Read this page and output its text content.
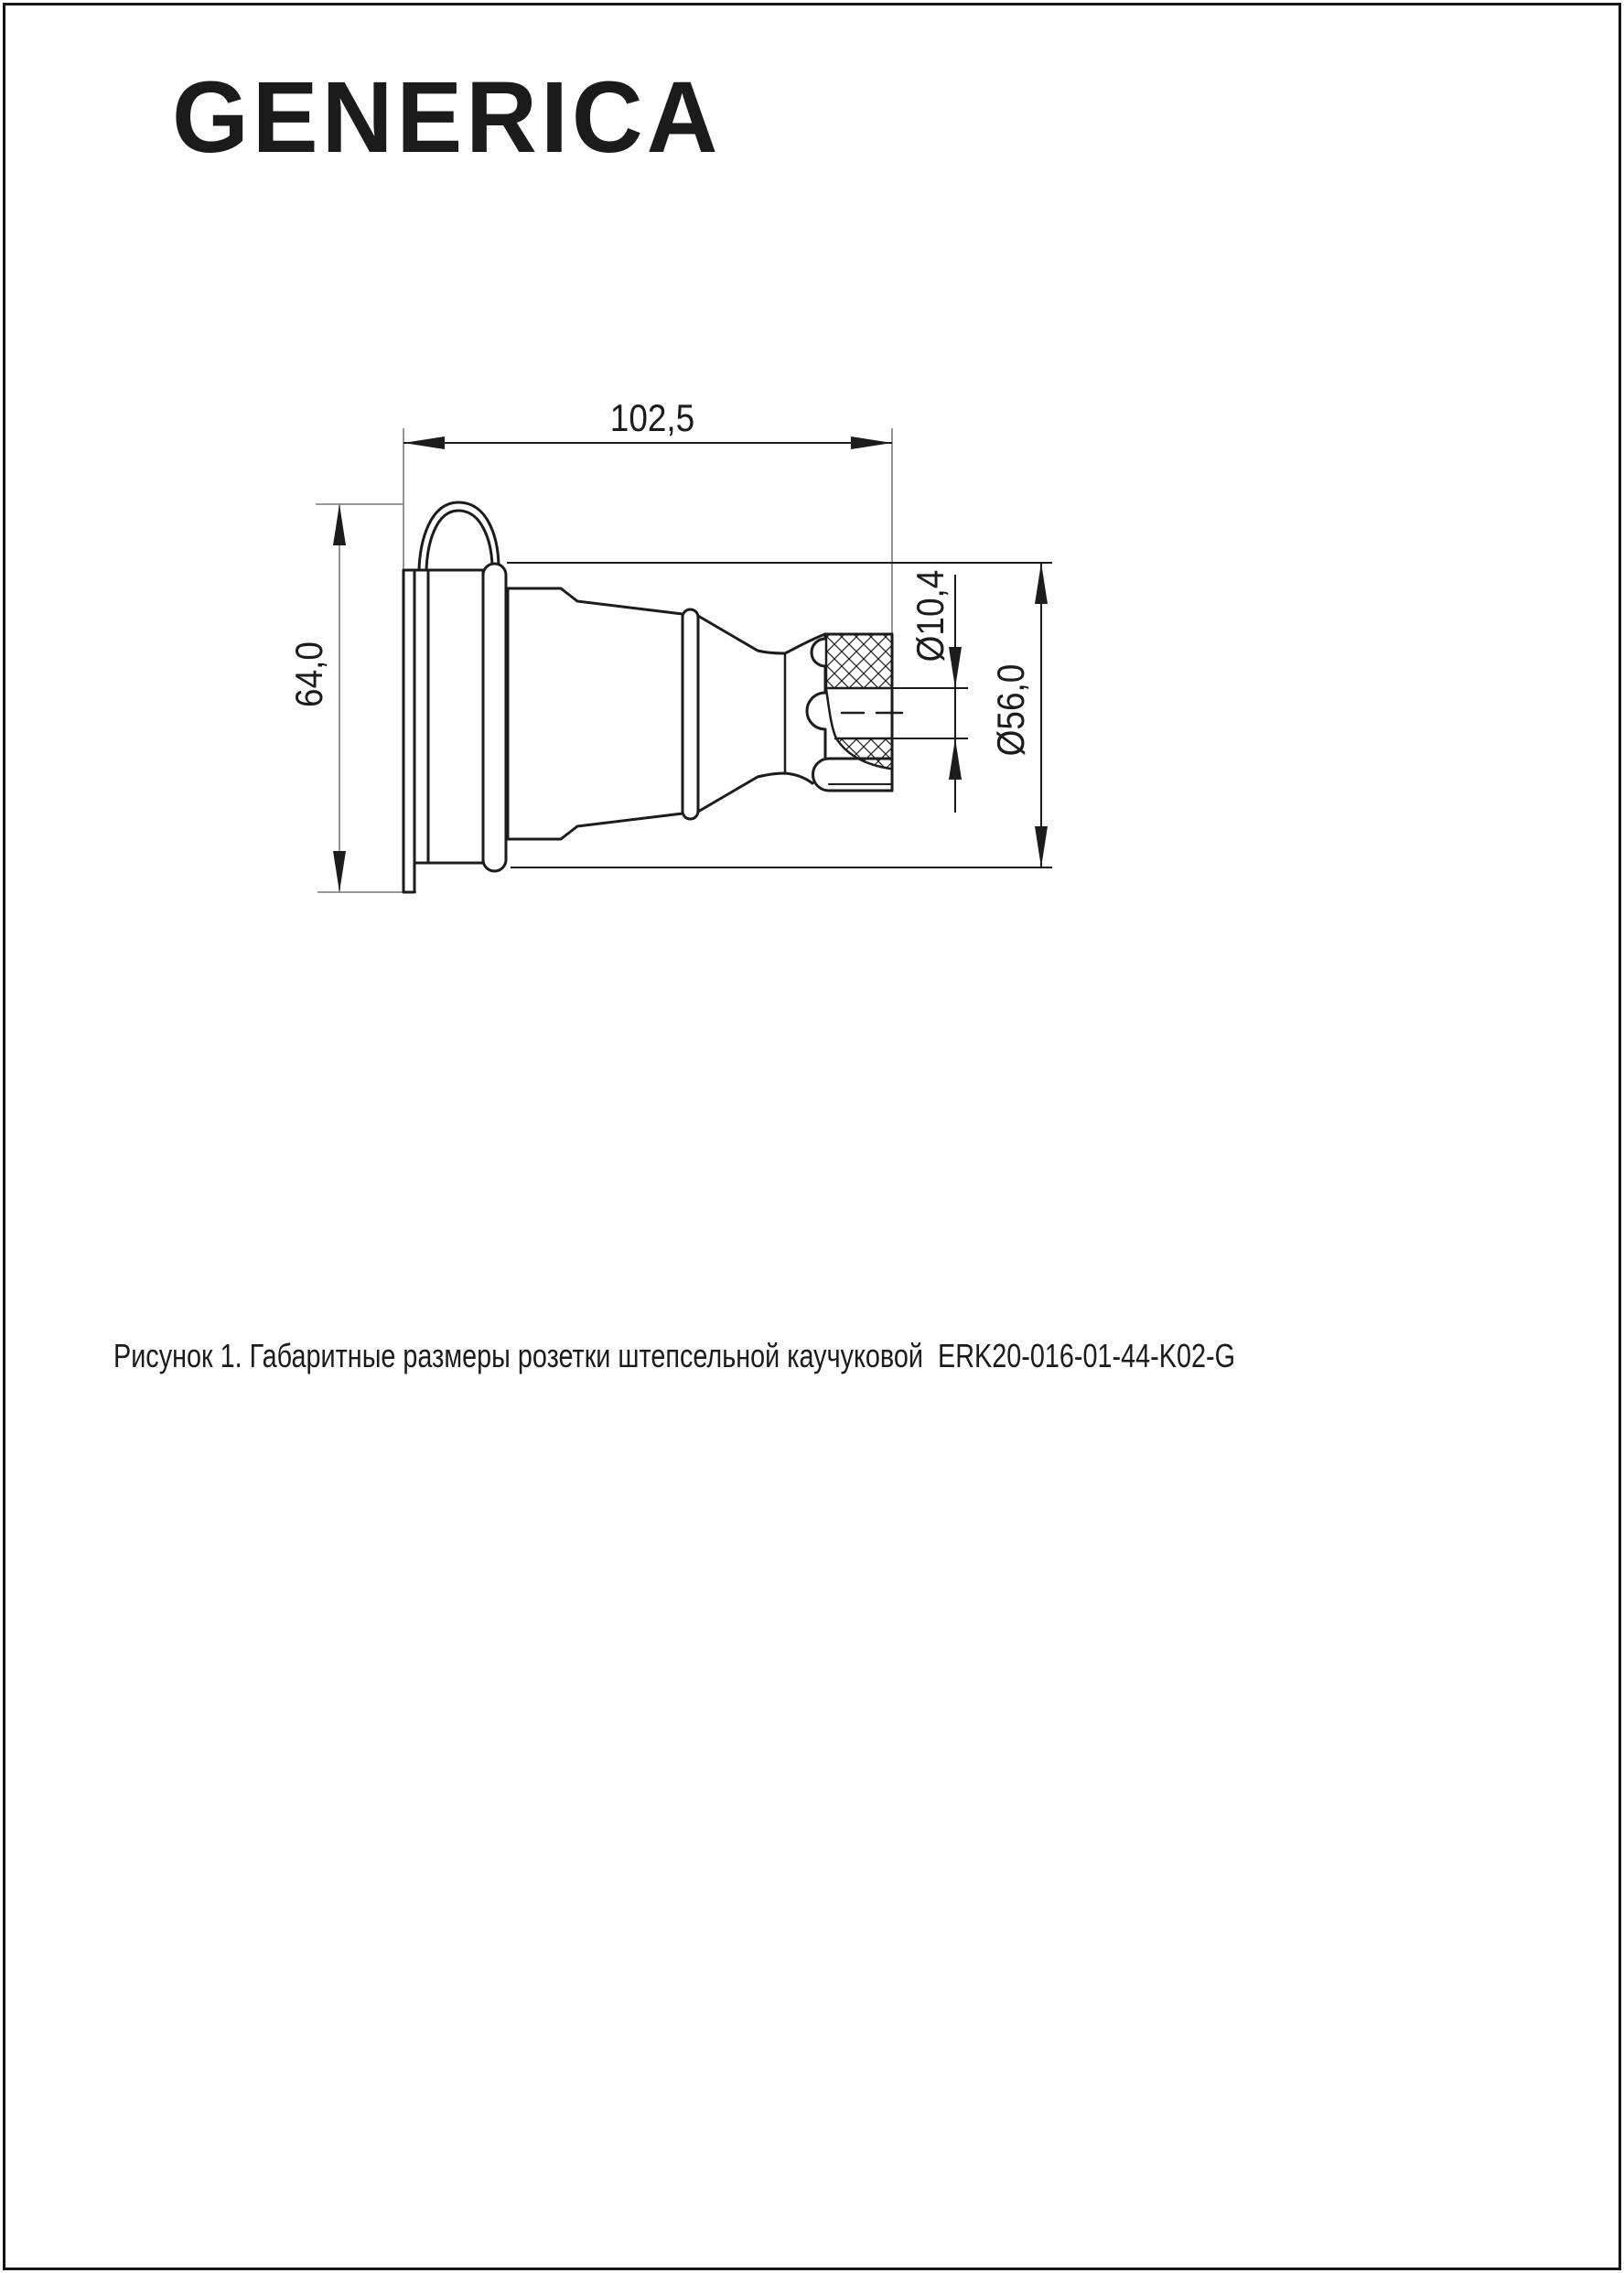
GENERICA
102,5
64,0
Ø10,4
Ø56,0
Рисунок 1. Габаритные размеры розетки штепсельной каучуковой  ERK20-016-01-44-K02-G
